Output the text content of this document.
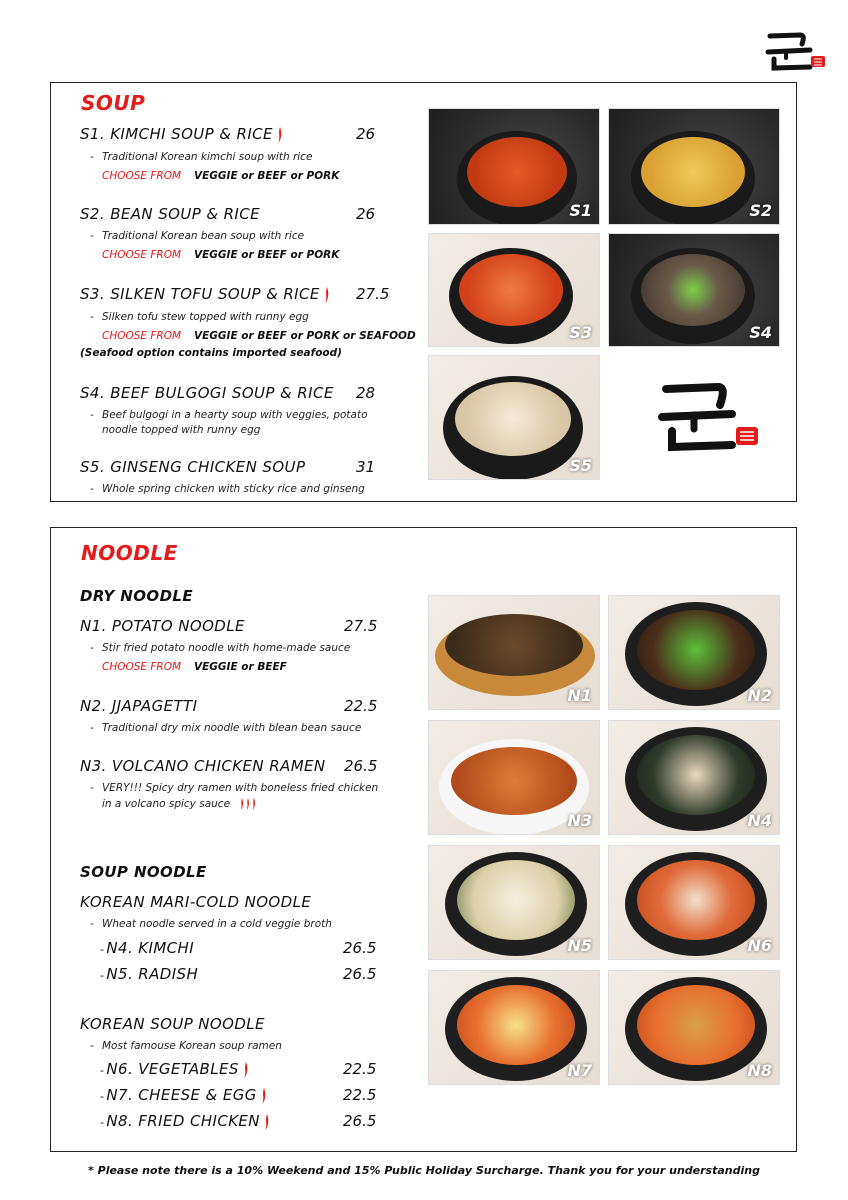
SOUP
S1. KIMCHI SOUP & RICE	26
- Traditional Korean kimchi soup with rice
CHOOSE FROM VEGGIE or BEEF or PORK
S2. BEAN SOUP & RICE	26
- Traditional Korean bean soup with rice
CHOOSE FROM VEGGIE or BEEF or PORK
S3. SILKEN TOFU SOUP & RICE	27.5
- Silken tofu stew topped with runny egg
CHOOSE FROM VEGGIE or BEEF or PORK or SEAFOOD
(Seafood option contains imported seafood)
S4. BEEF BULGOGI SOUP & RICE	28
- Beef bulgogi in a hearty soup with veggies, potato
noodle topped with runny egg
S5. GINSENG CHICKEN SOUP	31
- Whole spring chicken with sticky rice and ginseng
S1	S2
S3	S4
S5
NOODLE
DRY NOODLE
N1. POTATO NOODLE	27.5
- Stir fried potato noodle with home-made sauce
CHOOSE FROM VEGGIE or BEEF
N2. JJAPAGETTI	22.5
- Traditional dry mix noodle with blean bean sauce
N3. VOLCANO CHICKEN RAMEN	26.5
- VERY!!! Spicy dry ramen with boneless fried chicken
in a volcano spicy sauce
SOUP NOODLE
KOREAN MARI-COLD NOODLE
- Wheat noodle served in a cold veggie broth
- N4. KIMCHI	26.5
- N5. RADISH	26.5
KOREAN SOUP NOODLE
- Most famouse Korean soup ramen
- N6. VEGETABLES	22.5
- N7. CHEESE & EGG	22.5
- N8. FRIED CHICKEN	26.5
N1	N2
N3	N4
N5	N6
N7	N8
* Please note there is a 10% Weekend and 15% Public Holiday Surcharge. Thank you for your understanding
